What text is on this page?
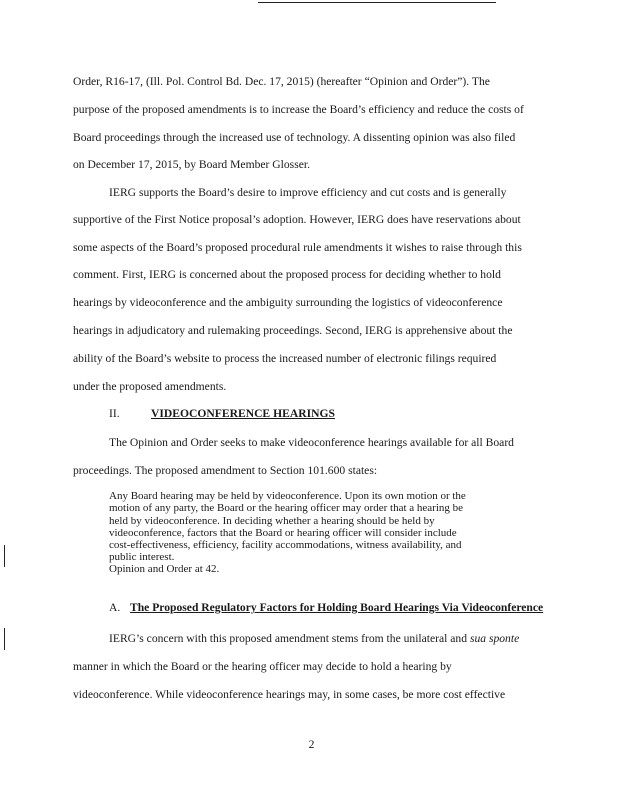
Order, R16-17, (Ill. Pol. Control Bd. Dec. 17, 2015) (hereafter “Opinion and Order”). The
purpose of the proposed amendments is to increase the Board’s efficiency and reduce the costs of
Board proceedings through the increased use of technology. A dissenting opinion was also filed
on December 17, 2015, by Board Member Glosser.
IERG supports the Board’s desire to improve efficiency and cut costs and is generally
supportive of the First Notice proposal’s adoption. However, IERG does have reservations about
some aspects of the Board’s proposed procedural rule amendments it wishes to raise through this
comment. First, IERG is concerned about the proposed process for deciding whether to hold
hearings by videoconference and the ambiguity surrounding the logistics of videoconference
hearings in adjudicatory and rulemaking proceedings. Second, IERG is apprehensive about the
ability of the Board’s website to process the increased number of electronic filings required
under the proposed amendments.
II.	VIDEOCONFERENCE HEARINGS
The Opinion and Order seeks to make videoconference hearings available for all Board
proceedings. The proposed amendment to Section 101.600 states:
Any Board hearing may be held by videoconference. Upon its own motion or the
motion of any party, the Board or the hearing officer may order that a hearing be
held by videoconference. In deciding whether a hearing should be held by
videoconference, factors that the Board or hearing officer will consider include
cost-effectiveness, efficiency, facility accommodations, witness availability, and
public interest.
Opinion and Order at 42.
A. The Proposed Regulatory Factors for Holding Board Hearings Via Videoconference
IERG’s concern with this proposed amendment stems from the unilateral and sua sponte
manner in which the Board or the hearing officer may decide to hold a hearing by
videoconference. While videoconference hearings may, in some cases, be more cost effective
2
